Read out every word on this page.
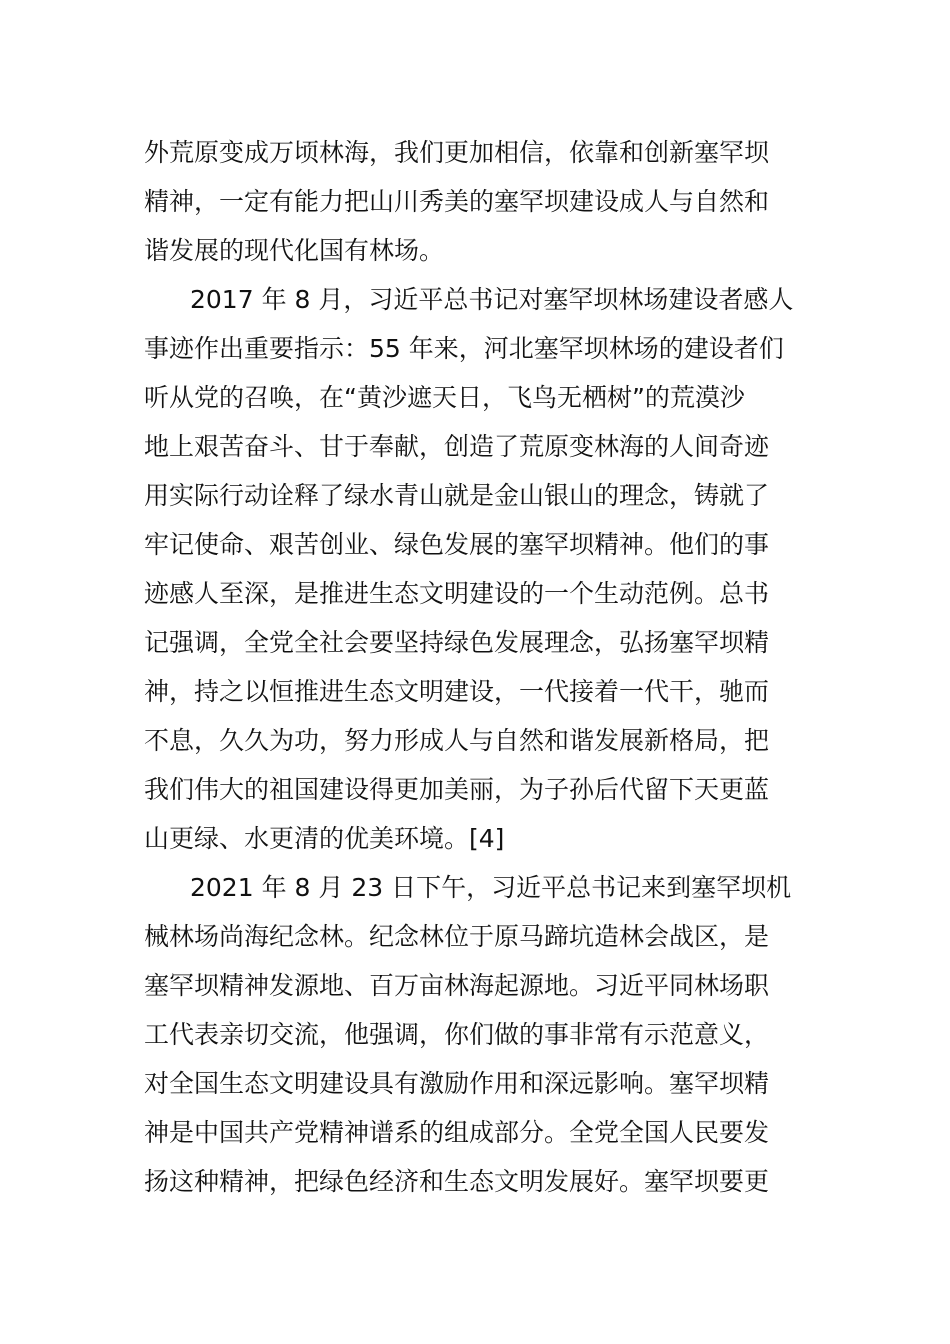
外荒原变成万顷林海，我们更加相信，依靠和创新塞罕坝
精神，一定有能力把山川秀美的塞罕坝建设成人与自然和
谐发展的现代化国有林场。
2017 年 8 月，习近平总书记对塞罕坝林场建设者感人
事迹作出重要指示：55 年来，河北塞罕坝林场的建设者们
听从党的召唤，在“黄沙遮天日，飞鸟无栖树”的荒漠沙
地上艰苦奋斗、甘于奉献，创造了荒原变林海的人间奇迹
用实际行动诠释了绿水青山就是金山银山的理念，铸就了
牢记使命、艰苦创业、绿色发展的塞罕坝精神。他们的事
迹感人至深，是推进生态文明建设的一个生动范例。总书
记强调，全党全社会要坚持绿色发展理念，弘扬塞罕坝精
神，持之以恒推进生态文明建设，一代接着一代干，驰而
不息，久久为功，努力形成人与自然和谐发展新格局，把
我们伟大的祖国建设得更加美丽，为子孙后代留下天更蓝
山更绿、水更清的优美环境。[4]
2021 年 8 月 23 日下午，习近平总书记来到塞罕坝机
械林场尚海纪念林。纪念林位于原马蹄坑造林会战区，是
塞罕坝精神发源地、百万亩林海起源地。习近平同林场职
工代表亲切交流，他强调，你们做的事非常有示范意义，
对全国生态文明建设具有激励作用和深远影响。塞罕坝精
神是中国共产党精神谱系的组成部分。全党全国人民要发
扬这种精神，把绿色经济和生态文明发展好。塞罕坝要更
